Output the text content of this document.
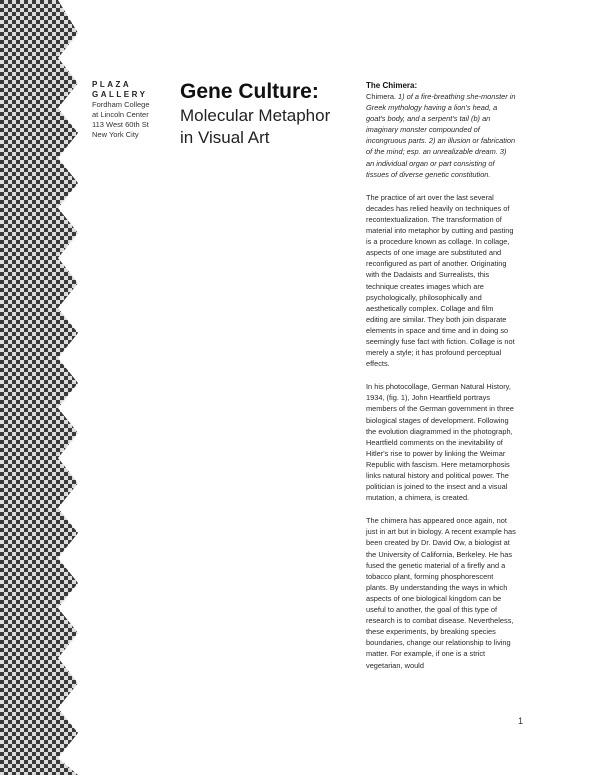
PLAZA
GALLERY
Fordham College
at Lincoln Center
113 West 60th St
New York City
Gene Culture:
Molecular Metaphor
in Visual Art
The Chimera:

Chimera. 1) of a fire-breathing she-monster in Greek mythology having a lion's head, a goat's body, and a serpent's tail (b) an imaginary monster compounded of incongruous parts. 2) an illusion or fabrication of the mind; esp. an unrealizable dream. 3) an individual organ or part consisting of tissues of diverse genetic constitution.

The practice of art over the last several decades has relied heavily on techniques of recontextualization. The transformation of material into metaphor by cutting and pasting is a procedure known as collage. In collage, aspects of one image are substituted and reconfigured as part of another. Originating with the Dadaists and Surrealists, this technique creates images which are psychologically, philosophically and aesthetically complex. Collage and film editing are similar. They both join disparate elements in space and time and in doing so seemingly fuse fact with fiction. Collage is not merely a style; it has profound perceptual effects.

In his photocollage, German Natural History, 1934, (fig. 1), John Heartfield portrays members of the German government in three biological stages of development. Following the evolution diagrammed in the photograph, Heartfield comments on the inevitability of Hitler's rise to power by linking the Weimar Republic with fascism. Here metamorphosis links natural history and political power. The politician is joined to the insect and a visual mutation, a chimera, is created.

The chimera has appeared once again, not just in art but in biology. A recent example has been created by Dr. David Ow, a biologist at the University of California, Berkeley. He has fused the genetic material of a firefly and a tobacco plant, forming phosphorescent plants. By understanding the ways in which aspects of one biological kingdom can be useful to another, the goal of this type of research is to combat disease. Nevertheless, these experiments, by breaking species boundaries, change our relationship to living matter. For example, if one is a strict vegetarian, would

1
